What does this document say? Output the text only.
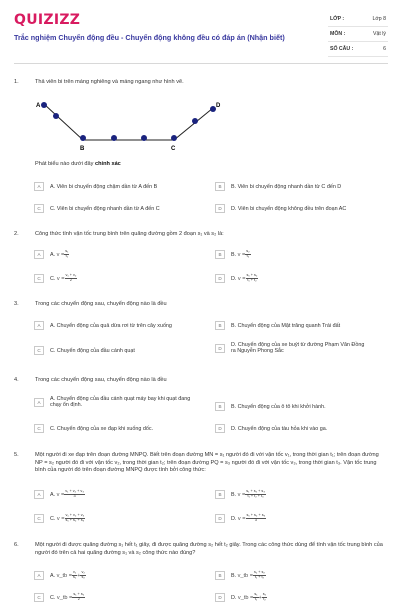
QUIZIZZ
Trắc nghiệm Chuyển động đều - Chuyển động không đều có đáp án (Nhận biết)
LỚP :	Lớp 8
MÔN :	Vật lý
SỐ CÂU :	6
1.	Thả viên bi trên máng nghiêng và máng ngang như hình vẽ.
A
B	C
D
Phát biểu nào dưới đây chính xác
A	A. Viên bi chuyển động chậm dần từ A đến B	B	B. Viên bi chuyển động nhanh dần từ C đến D
C	C. Viên bi chuyển động nhanh dần từ A đến C	D	D. Viên bi chuyển động không đều trên đoạn AC
2.	Công thức tính vận tốc trung bình trên quãng đường gồm 2 đoạn s₁ và s₂ là:
A	A.
$v = \frac{\text{s₁}}{\text{t₁}}$	B	B.
$v = \frac{\text{s₂}}{\text{t₂}}$
C	C.
$v = \frac{\text{v₁ + v₂}}{2}$	D	D.
$v = \frac{\text{s₁ + s₂}}{\text{t₁ + t₂}}$
3.	Trong các chuyển động sau, chuyển động nào là đều
A	A. Chuyển động của quả dừa rơi từ trên cây xuống	B	B. Chuyển động của Mặt trăng quanh Trái đất
C	C. Chuyển động của đầu cánh quạt	D	D. Chuyển động của xe buýt từ đường Phạm Văn Đồng ra Nguyễn Phong Sắc
4.	Trong các chuyển động sau, chuyển động nào là đều
A	A. Chuyển động của đầu cánh quạt máy bay khi quạt đang chạy ổn định.	B	B. Chuyển động của ô tô khi khởi hành.
C	C. Chuyển động của xe đạp khi xuống dốc.	D	D. Chuyển động của tàu hỏa khi vào ga.
5.	Một người đi xe đạp trên đoạn đường MNPQ. Biết trên đoạn đường MN = s₁ người đó đi với vận tốc v₁, trong thời gian t₁; trên đoạn đường NP = s₂ người đó đi với vận tốc v₂, trong thời gian t₂; trên đoạn đường PQ = s₃ người đó đi với vận tốc v₃, trong thời gian t₃. Vận tốc trung bình của người đó trên đoạn đường MNPQ được tính bởi công thức:
A	A.
$v = \frac{\text{v₁ + v₂ + v₃}}{3}$	B	B.
$v = \frac{\text{s₁ + s₂ + s₃}}{\text{t₁ + t₂ + t₃}}$
C	C.
$v = \frac{\text{v₁ + v₂ + v₃}}{\text{s₁ + s₂ + s₃}}$	D	D.
$v = \frac{\text{s₁ + s₂ + s₃}}{3}$
6.	Một người đi được quãng đường s₁ hết t₁ giây, đi được quãng đường s₂ hết t₂ giây. Trong các công thức dùng để tính vận tốc trung bình của người đó trên cả hai quãng đường s₁ và s₂ công thức nào đúng?
A	A.
v_tb = $\frac{\text{v₁}}{\text{s₁}} + \frac{\text{v₂}}{\text{s₂}}$	B	B.
v_tb = $\frac{\text{s₁ + s₂}}{\text{t₁ + t₂}}$
C	C.
v_tb = $\frac{\text{s₁ + s₂}}{2}$	D	D.
v_tb = $\frac{\text{s₁}}{\text{t₁}} + \frac{\text{s₂}}{\text{t₂}}$
